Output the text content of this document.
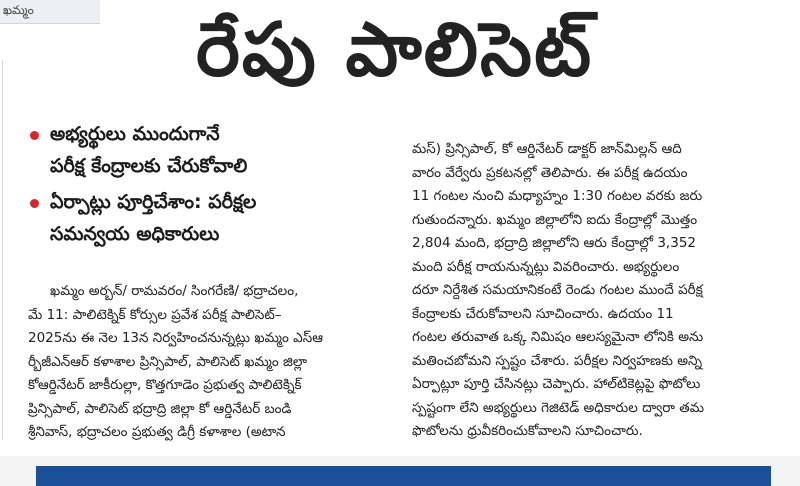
ఖమ్మం	రేపు పాలిసెట్
అభ్యర్థులు ముందుగానే
పరీక్ష కేంద్రాలకు చేరుకోవాలి
ఏర్పాట్లు పూర్తిచేశాం: పరీక్షల
సమన్వయ అధికారులు
ఖమ్మం అర్బన్/ రామవరం/ సింగరేణి/ భద్రాచలం,
మే 11: పాలిటెక్నిక్ కోర్సుల ప్రవేశ పరీక్ష పాలిసెట్–
2025ను ఈ నెల 13న నిర్వహించనున్నట్లు ఖమ్మం ఎస్ఆ
ర్బీజీఎన్ఆర్ కళాశాల ప్రిన్సిపాల్, పాలిసెట్ ఖమ్మం జిల్లా
కోఆర్డినేటర్ జాకీరుల్లా, కొత్తగూడెం ప్రభుత్వ పాలిటెక్నిక్
ప్రిన్సిపాల్, పాలిసెట్ భద్రాద్రి జిల్లా కో ఆర్డినేటర్ బండి
శ్రీనివాస్, భద్రాచలం ప్రభుత్వ డిగ్రీ కళాశాల (అటాన
మస్) ప్రిన్సిపాల్, కో ఆర్డినేటర్ డాక్టర్ జాన్‌మిల్లన్ ఆది
వారం వేర్వేరు ప్రకటనల్లో తెలిపారు. ఈ పరీక్ష ఉదయం
11 గంటల నుంచి మధ్యాహ్నం 1:30 గంటల వరకు జరు
గుతుందన్నారు. ఖమ్మం జిల్లాలోని ఐదు కేంద్రాల్లో మొత్తం
2,804 మంది, భద్రాద్రి జిల్లాలోని ఆరు కేంద్రాల్లో 3,352
మంది పరీక్ష రాయనున్నట్లు వివరించారు. అభ్యర్థులం
దరూ నిర్దేశిత సమయానికంటే రెండు గంటల ముందే పరీక్ష
కేంద్రాలకు చేరుకోవాలని సూచించారు. ఉదయం 11
గంటల తరువాత ఒక్క నిమిషం ఆలస్యమైనా లోనికి అను
మతించబోమని స్పష్టం చేశారు. పరీక్షల నిర్వహణకు అన్ని
ఏర్పాట్లూ పూర్తి చేసినట్లు చెప్పారు. హాల్‌టికెట్లపై ఫొటోలు
స్పష్టంగా లేని అభ్యర్థులు గెజిటెడ్ అధికారుల ద్వారా తమ
ఫొటోలను ధ్రువీకరించుకోవాలని సూచించారు.
